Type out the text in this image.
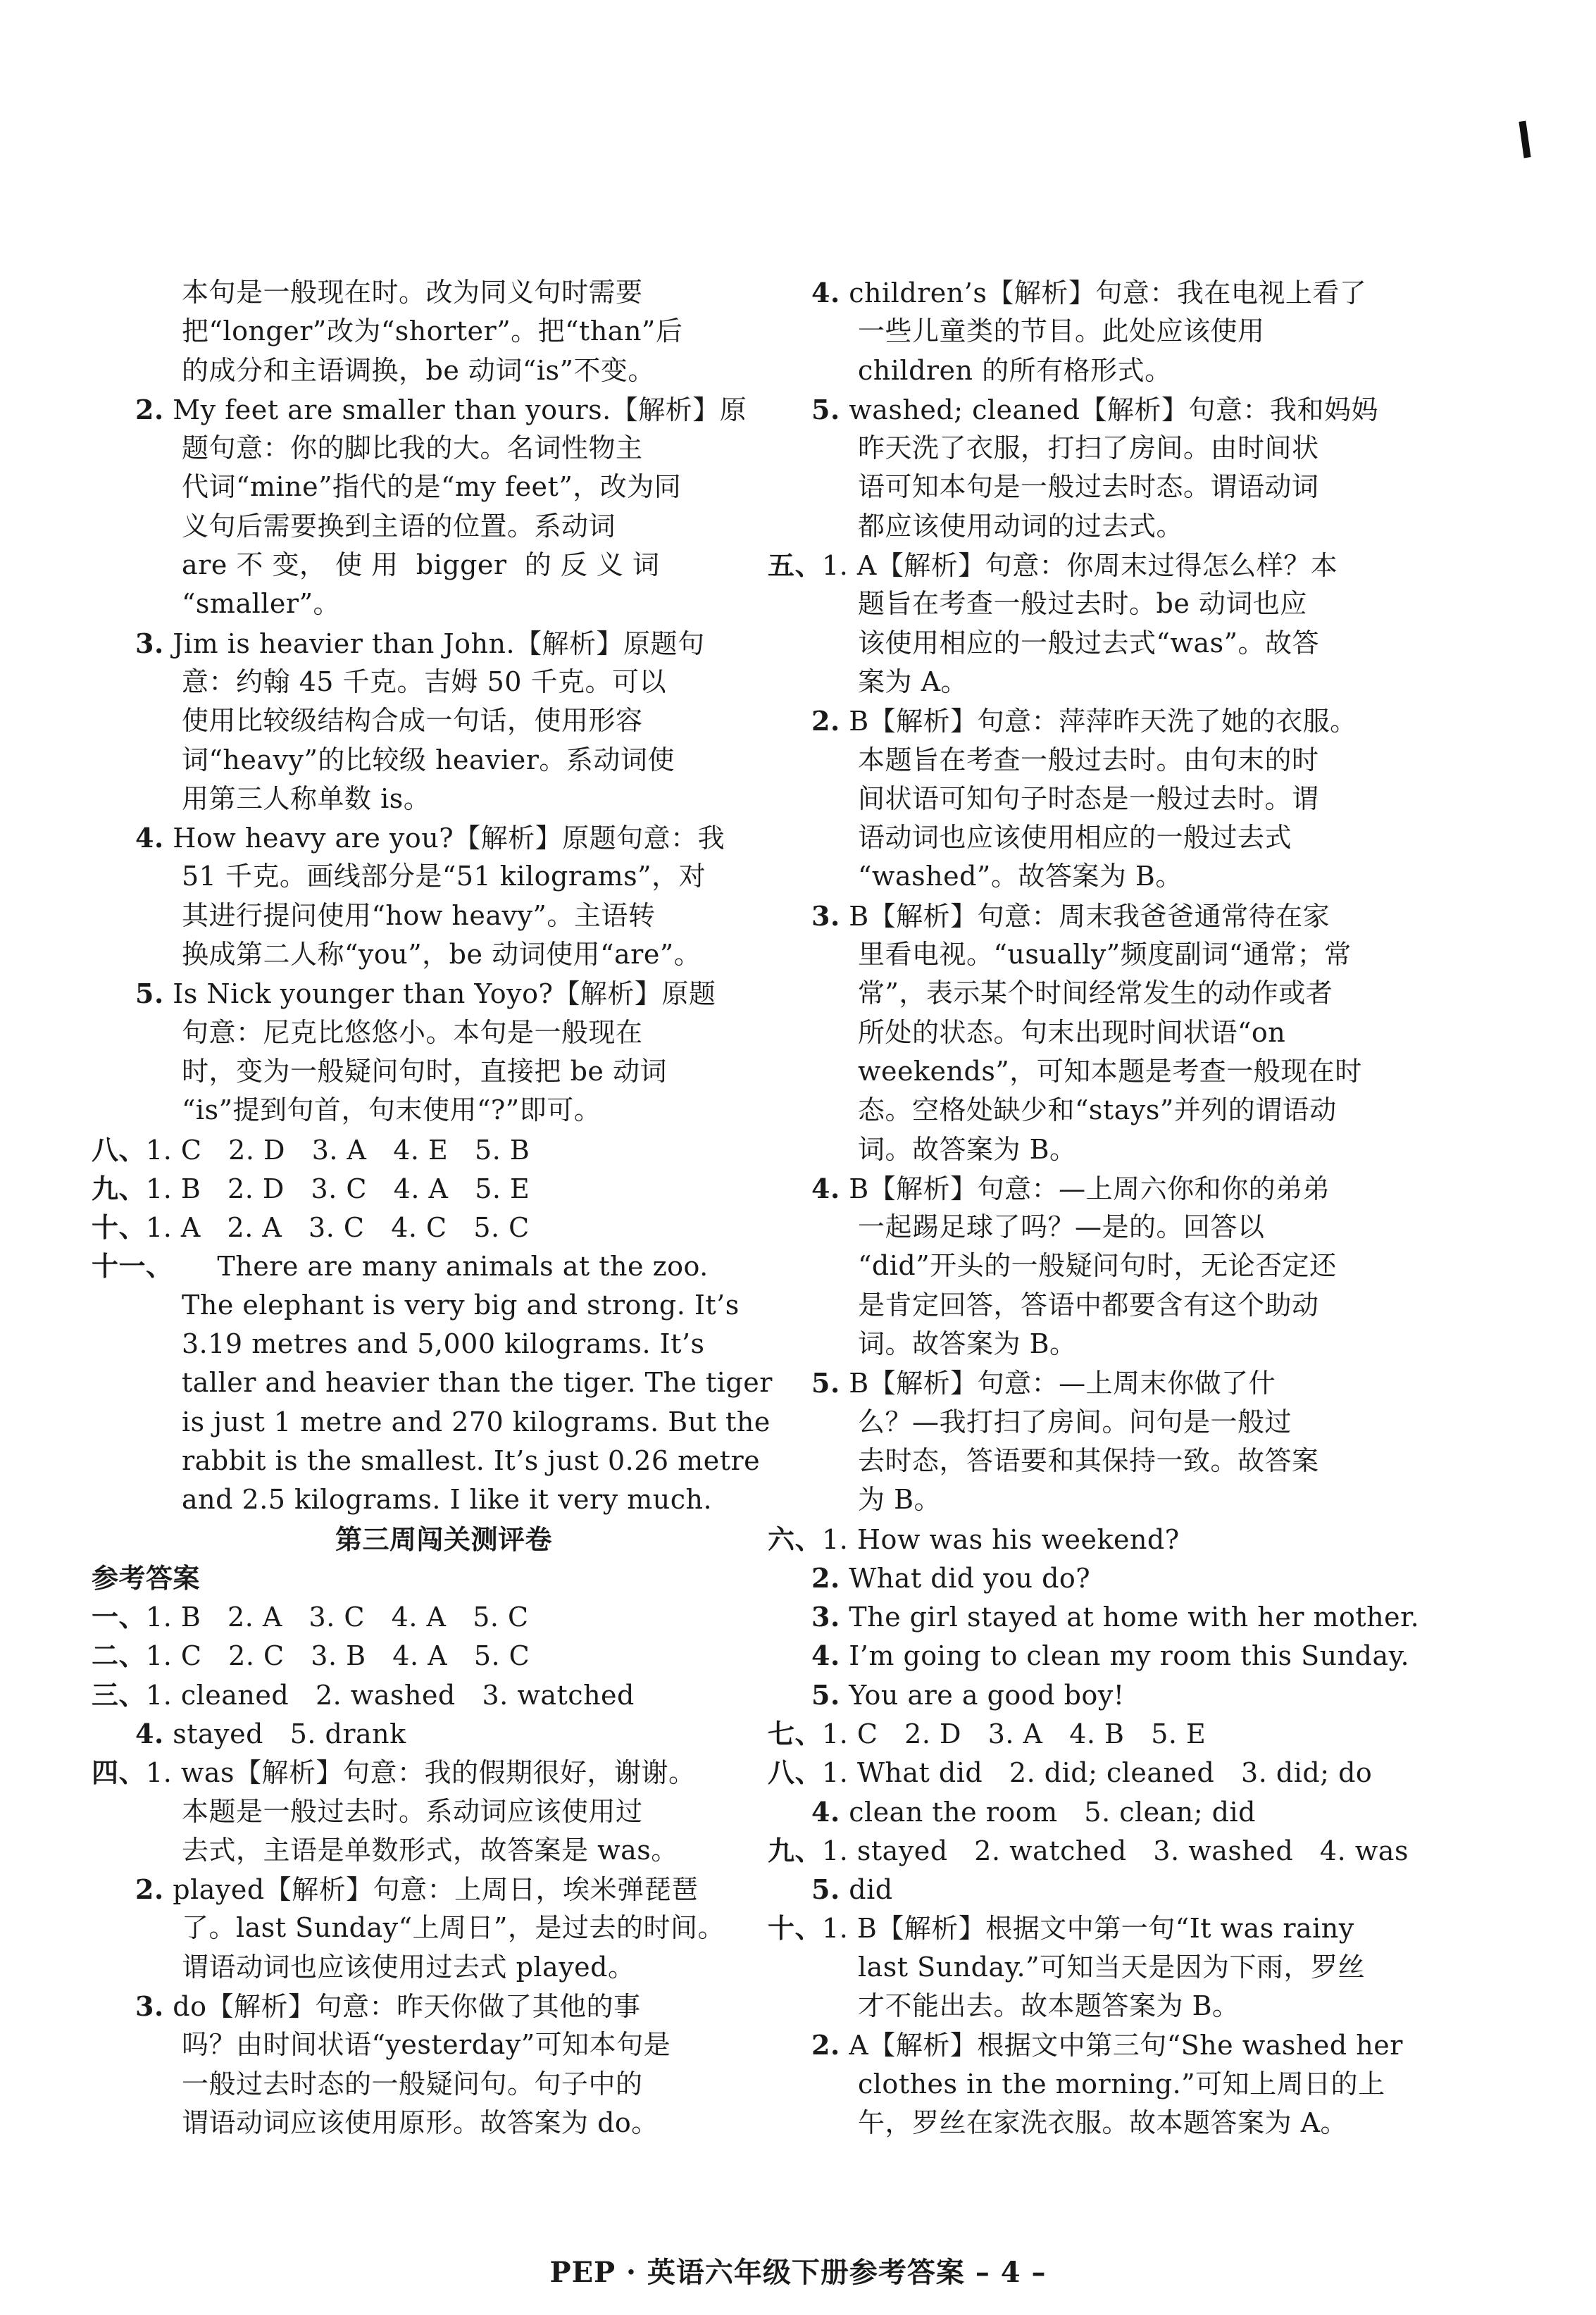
本句是一般现在时。改为同义句时需要
把“longer”改为“shorter”。把“than”后
的成分和主语调换，be 动词“is”不变。
2. My feet are smaller than yours.【解析】原
题句意：你的脚比我的大。名词性物主
代词“mine”指代的是“my feet”，改为同
义句后需要换到主语的位置。系动词
are 不 变， 使 用  bigger  的 反 义 词
“smaller”。
3. Jim is heavier than John.【解析】原题句
意：约翰 45 千克。吉姆 50 千克。可以
使用比较级结构合成一句话，使用形容
词“heavy”的比较级 heavier。系动词使
用第三人称单数 is。
4. How heavy are you?【解析】原题句意：我
51 千克。画线部分是“51 kilograms”，对
其进行提问使用“how heavy”。主语转
换成第二人称“you”，be 动词使用“are”。
5. Is Nick younger than Yoyo?【解析】原题
句意：尼克比悠悠小。本句是一般现在
时，变为一般疑问句时，直接把 be 动词
“is”提到句首，句末使用“?”即可。
八、1. C   2. D   3. A   4. E   5. B
九、1. B   2. D   3. C   4. A   5. E
十、1. A   2. A   3. C   4. C   5. C
十一、     There are many animals at the zoo.
The elephant is very big and strong. It’s
3.19 metres and 5,000 kilograms. It’s
taller and heavier than the tiger. The tiger
is just 1 metre and 270 kilograms. But the
rabbit is the smallest. It’s just 0.26 metre
and 2.5 kilograms. I like it very much.
第三周闯关测评卷
参考答案
一、1. B   2. A   3. C   4. A   5. C
二、1. C   2. C   3. B   4. A   5. C
三、1. cleaned   2. washed   3. watched
4. stayed   5. drank
四、1. was【解析】句意：我的假期很好，谢谢。
本题是一般过去时。系动词应该使用过
去式，主语是单数形式，故答案是 was。
2. played【解析】句意：上周日，埃米弹琵琶
了。last Sunday“上周日”，是过去的时间。
谓语动词也应该使用过去式 played。
3. do【解析】句意：昨天你做了其他的事
吗？由时间状语“yesterday”可知本句是
一般过去时态的一般疑问句。句子中的
谓语动词应该使用原形。故答案为 do。
4. children’s【解析】句意：我在电视上看了
一些儿童类的节目。此处应该使用
children 的所有格形式。
5. washed; cleaned【解析】句意：我和妈妈
昨天洗了衣服，打扫了房间。由时间状
语可知本句是一般过去时态。谓语动词
都应该使用动词的过去式。
五、1. A【解析】句意：你周末过得怎么样？本
题旨在考查一般过去时。be 动词也应
该使用相应的一般过去式“was”。故答
案为 A。
2. B【解析】句意：萍萍昨天洗了她的衣服。
本题旨在考查一般过去时。由句末的时
间状语可知句子时态是一般过去时。谓
语动词也应该使用相应的一般过去式
“washed”。故答案为 B。
3. B【解析】句意：周末我爸爸通常待在家
里看电视。“usually”频度副词“通常；常
常”，表示某个时间经常发生的动作或者
所处的状态。句末出现时间状语“on
weekends”，可知本题是考查一般现在时
态。空格处缺少和“stays”并列的谓语动
词。故答案为 B。
4. B【解析】句意：—上周六你和你的弟弟
一起踢足球了吗？—是的。回答以
“did”开头的一般疑问句时，无论否定还
是肯定回答，答语中都要含有这个助动
词。故答案为 B。
5. B【解析】句意：—上周末你做了什
么？—我打扫了房间。问句是一般过
去时态，答语要和其保持一致。故答案
为 B。
六、1. How was his weekend?
2. What did you do?
3. The girl stayed at home with her mother.
4. I’m going to clean my room this Sunday.
5. You are a good boy!
七、1. C   2. D   3. A   4. B   5. E
八、1. What did   2. did; cleaned   3. did; do
4. clean the room   5. clean; did
九、1. stayed   2. watched   3. washed   4. was
5. did
十、1. B【解析】根据文中第一句“It was rainy
last Sunday.”可知当天是因为下雨，罗丝
才不能出去。故本题答案为 B。
2. A【解析】根据文中第三句“She washed her
clothes in the morning.”可知上周日的上
午，罗丝在家洗衣服。故本题答案为 A。
PEP · 英语六年级下册参考答案 – 4 –
